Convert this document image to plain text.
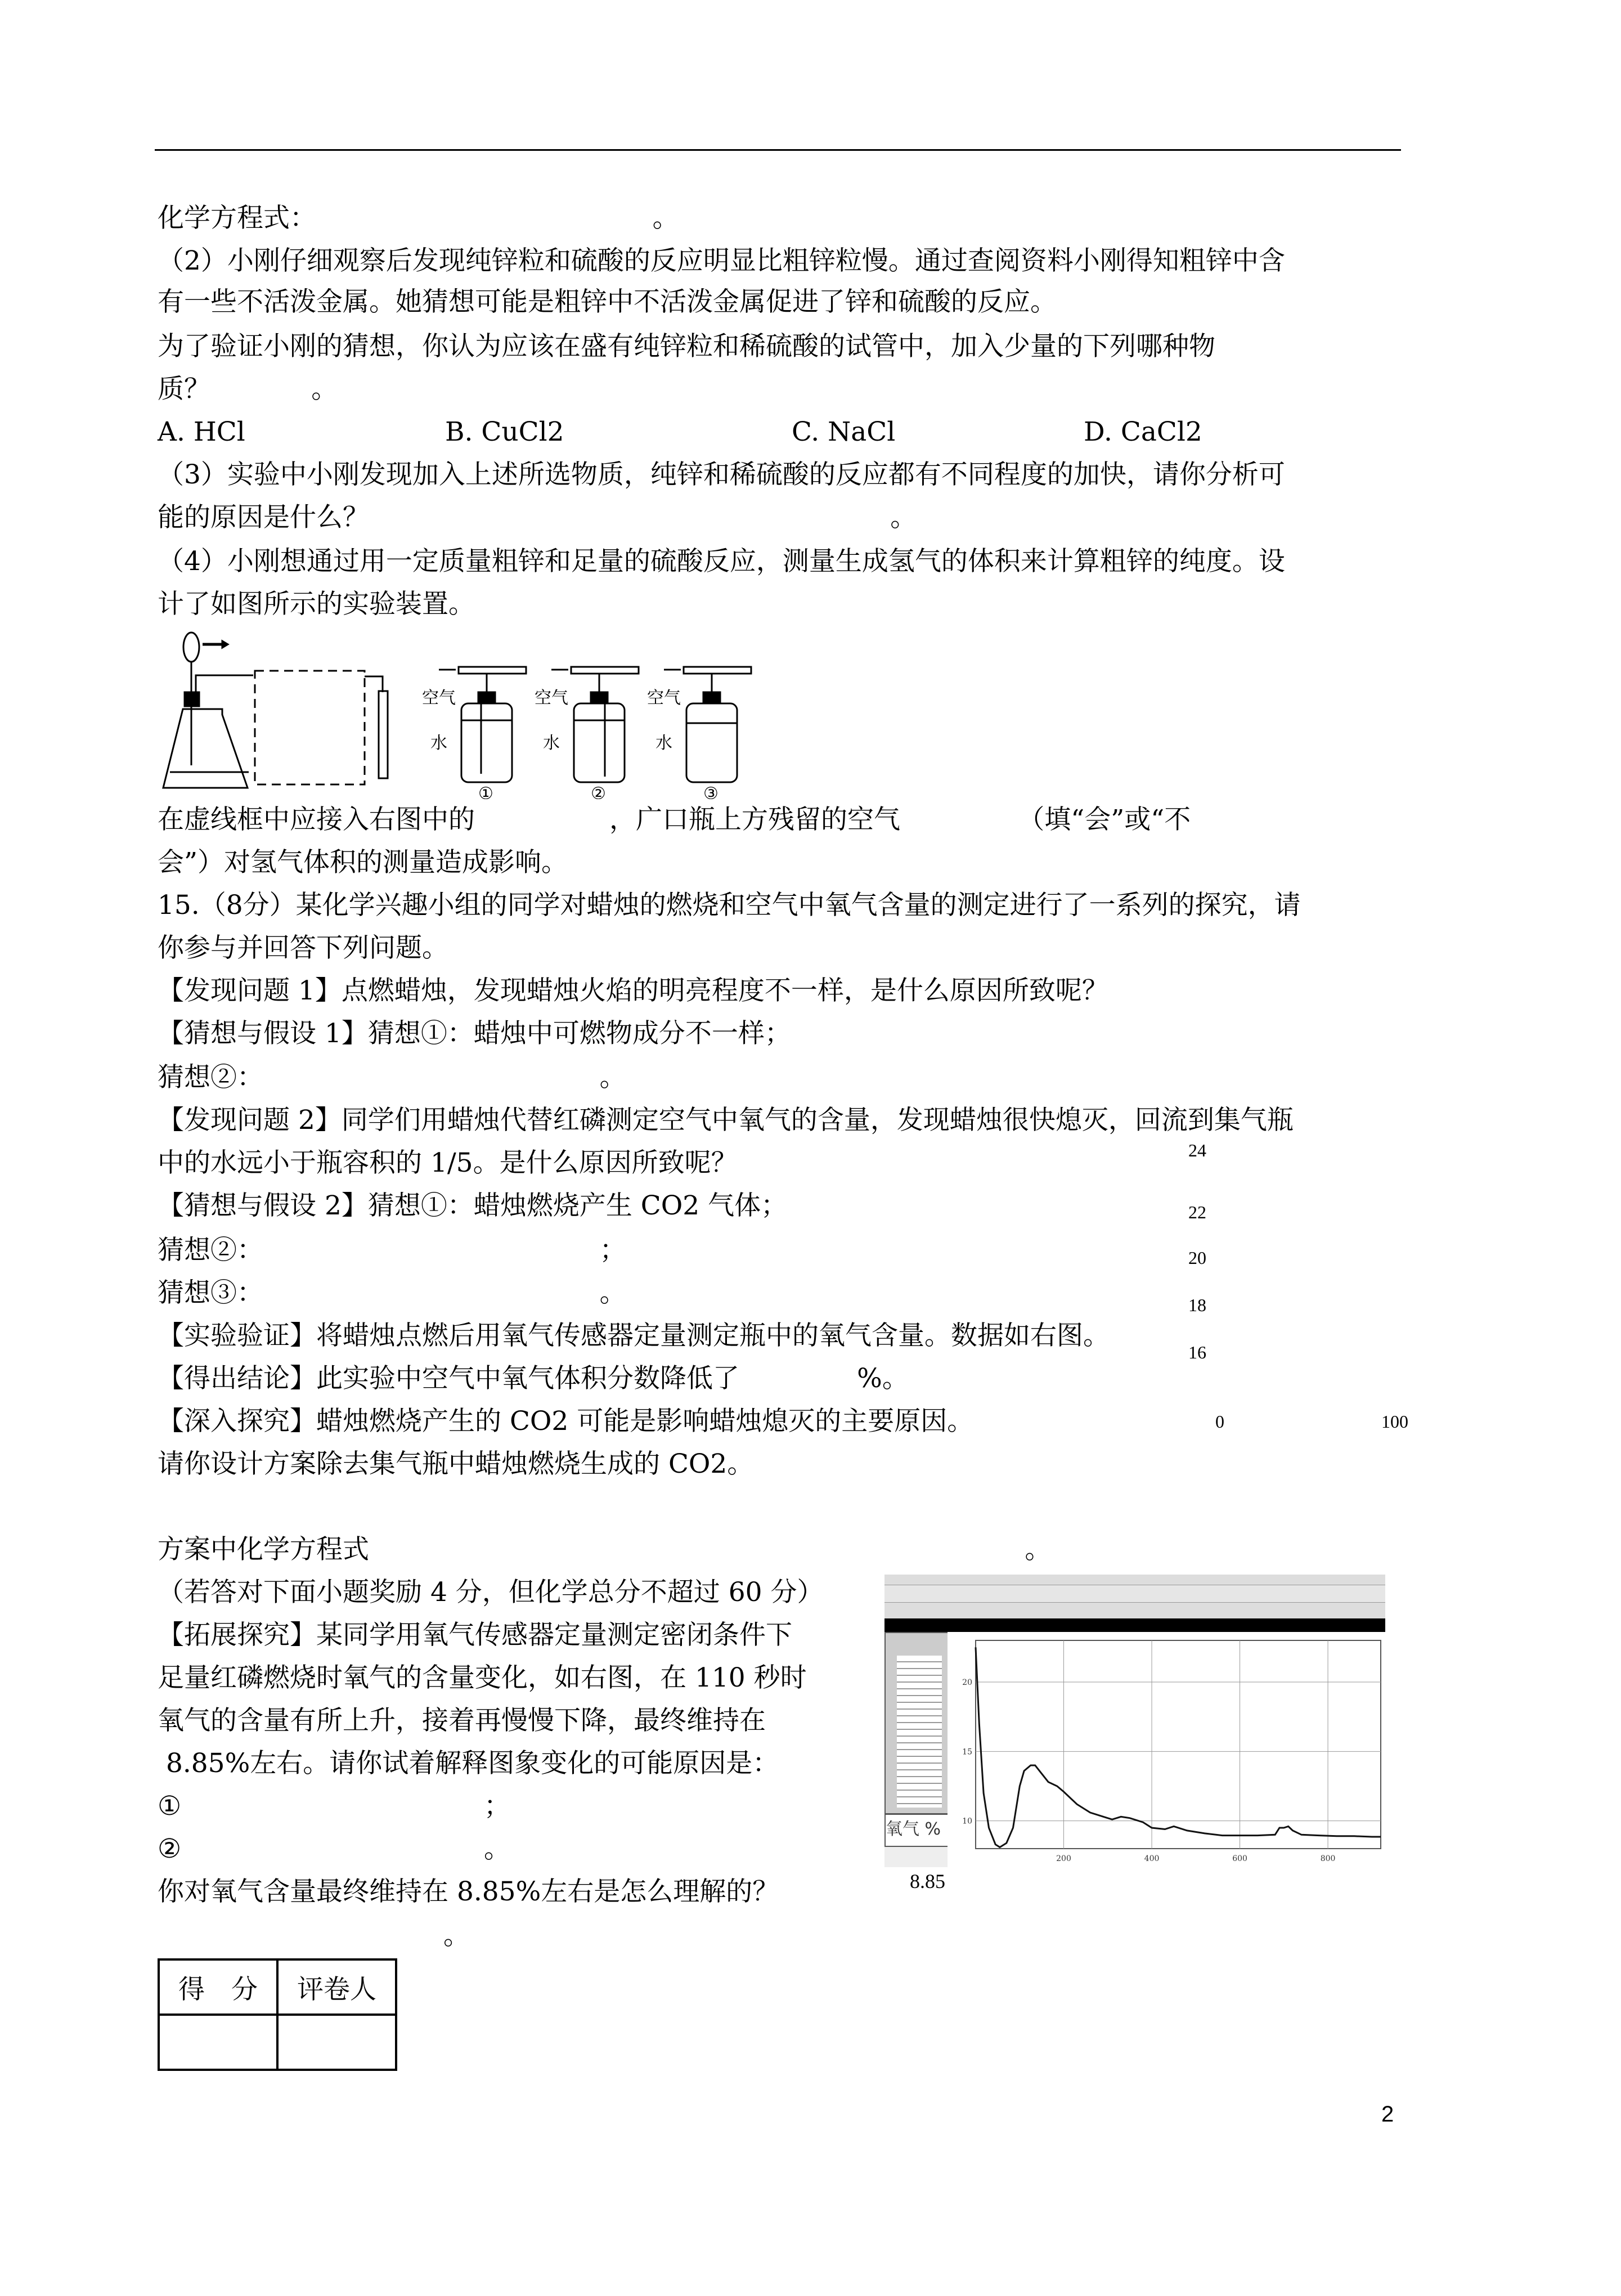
化学方程式：                                        。
（2）小刚仔细观察后发现纯锌粒和硫酸的反应明显比粗锌粒慢。通过查阅资料小刚得知粗锌中含
有一些不活泼金属。她猜想可能是粗锌中不活泼金属促进了锌和硫酸的反应。
为了验证小刚的猜想，你认为应该在盛有纯锌粒和稀硫酸的试管中，加入少量的下列哪种物
质？            。
（3）实验中小刚发现加入上述所选物质，纯锌和稀硫酸的反应都有不同程度的加快，请你分析可
能的原因是什么？                                                              。
（4）小刚想通过用一定质量粗锌和足量的硫酸反应，测量生成氢气的体积来计算粗锌的纯度。设
计了如图所示的实验装置。
在虚线框中应接入右图中的                ，广口瓶上方残留的空气              （填“会”或“不
会”）对氢气体积的测量造成影响。
15.（8分）某化学兴趣小组的同学对蜡烛的燃烧和空气中氧气含量的测定进行了一系列的探究，请
你参与并回答下列问题。
【发现问题 1】点燃蜡烛，发现蜡烛火焰的明亮程度不一样，是什么原因所致呢？
【猜想与假设 1】猜想①：蜡烛中可燃物成分不一样；
猜想②：                                        。
【发现问题 2】同学们用蜡烛代替红磷测定空气中氧气的含量，发现蜡烛很快熄灭，回流到集气瓶
中的水远小于瓶容积的 1/5。是什么原因所致呢？
【猜想与假设 2】猜想①：蜡烛燃烧产生 CO2 气体；
猜想②：                                        ；
猜想③：                                        。
【实验验证】将蜡烛点燃后用氧气传感器定量测定瓶中的氧气含量。数据如右图。
【得出结论】此实验中空气中氧气体积分数降低了              %。
【深入探究】蜡烛燃烧产生的 CO2 可能是影响蜡烛熄灭的主要原因。
请你设计方案除去集气瓶中蜡烛燃烧生成的 CO2。
方案中化学方程式                                                                              。
（若答对下面小题奖励 4 分，但化学总分不超过 60 分）
【拓展探究】某同学用氧气传感器定量测定密闭条件下
足量红磷燃烧时氧气的含量变化，如右图，在 110 秒时
氧气的含量有所上升，接着再慢慢下降，最终维持在
8.85%左右。请你试着解释图象变化的可能原因是：
①                                    ；
②                                    。
你对氧气含量最终维持在 8.85%左右是怎么理解的？
。
A. HCl	B. CuCl2	C. NaCl	D. CaCl2
空气
水
①
空气
水
②
空气
水
③
24
22
20
18
16
0	100
氧气 %
200	400	600	800
10
15
20
8.85
得　分	评卷人

2
